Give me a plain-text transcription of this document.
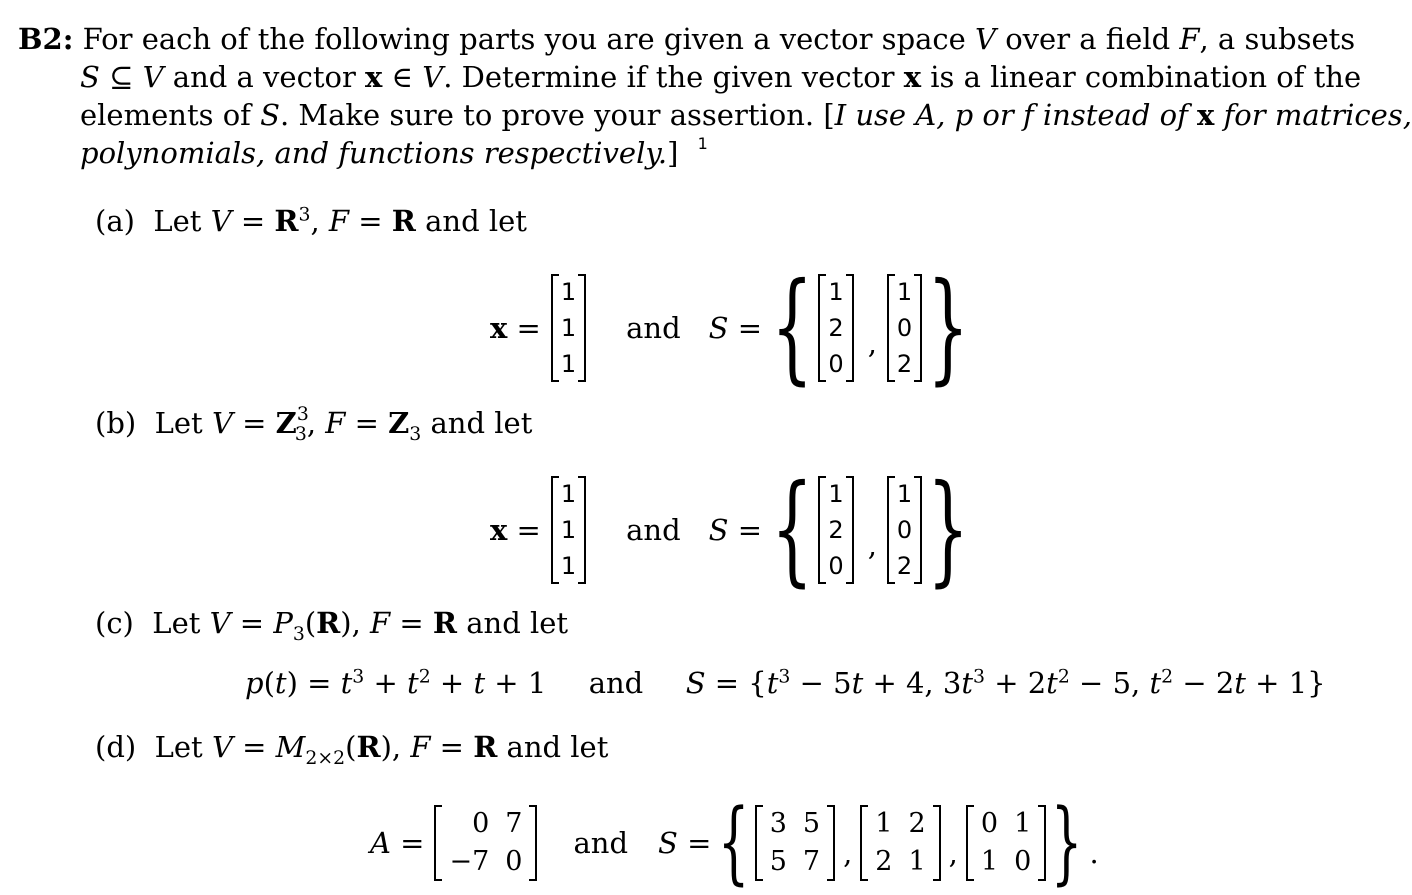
B2: For each of the following parts you are given a vector space V over a field F, a subsets
S ⊆ V and a vector x ∈ V. Determine if the given vector x is a linear combination of the
elements of S. Make sure to prove your assertion. [I use A, p or f instead of x for matrices,
polynomials, and functions respectively.] $^1$
(a)  Let $V = R^3$, F = R and let
x =
1
1
1
and S = { 1
2
0
,
1
0
2 }
(b)  Let $V = Z^3_3$, $F = Z_3$ and let
x =
1
1
1
and S = { 1
2
0
,
1
0
2 }
(c)  Let $V = P_3(R)$, F = R and let
$p(t) = t^3 + t^2 + t + 1$ and $S = \{t^3 - 5t + 4$, $3t^3 + 2t^2 - 5$, $t^2 - 2t + 1$}
(d)  Let $V = M_{2\times 2}(R)$, F = R and let
A =
0	7
−7	0
and S = { 3	5
5	7 ,
1	2
2	1 ,
0	1
1	0 } .
